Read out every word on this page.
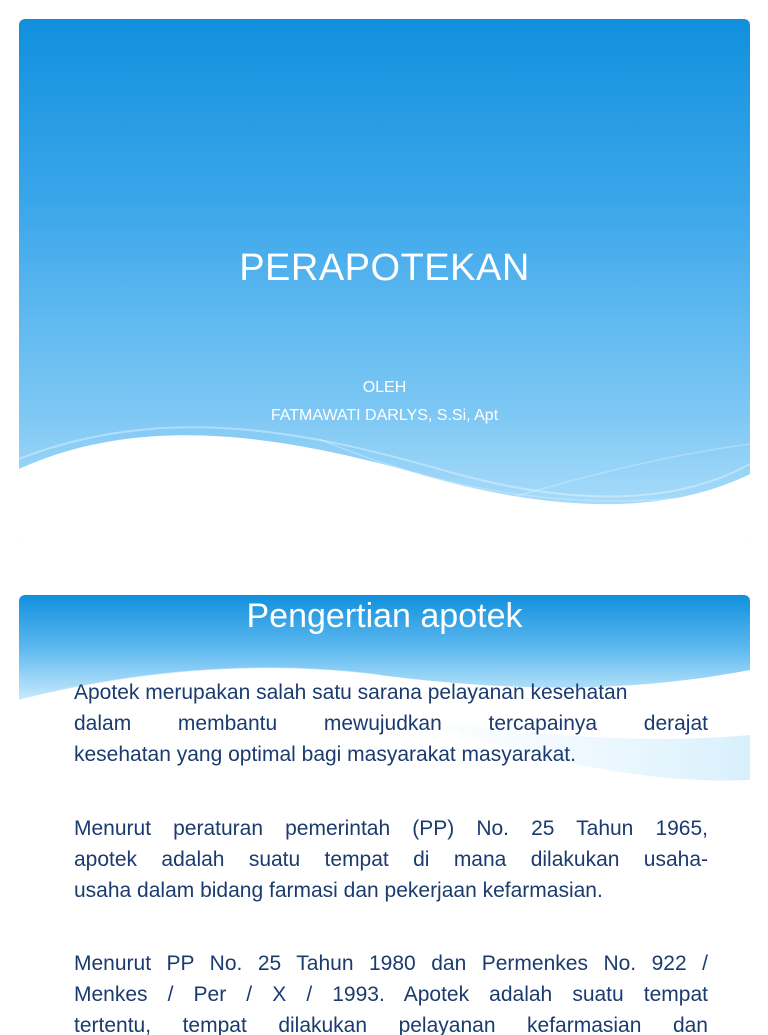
PERAPOTEKAN

OLEH

FATMAWATI DARLYS, S.Si, Apt

Pengertian apotek
Apotek merupakan salah satu sarana pelayanan kesehatan
dalam membantu mewujudkan tercapainya derajat
kesehatan yang optimal bagi masyarakat masyarakat.
Menurut peraturan pemerintah (PP) No. 25 Tahun 1965,
apotek adalah suatu tempat di mana dilakukan usaha-
usaha dalam bidang farmasi dan pekerjaan kefarmasian.
Menurut PP No. 25 Tahun 1980 dan Permenkes No. 922 /
Menkes / Per / X / 1993. Apotek adalah suatu tempat
tertentu, tempat dilakukan pelayanan kefarmasian dan
